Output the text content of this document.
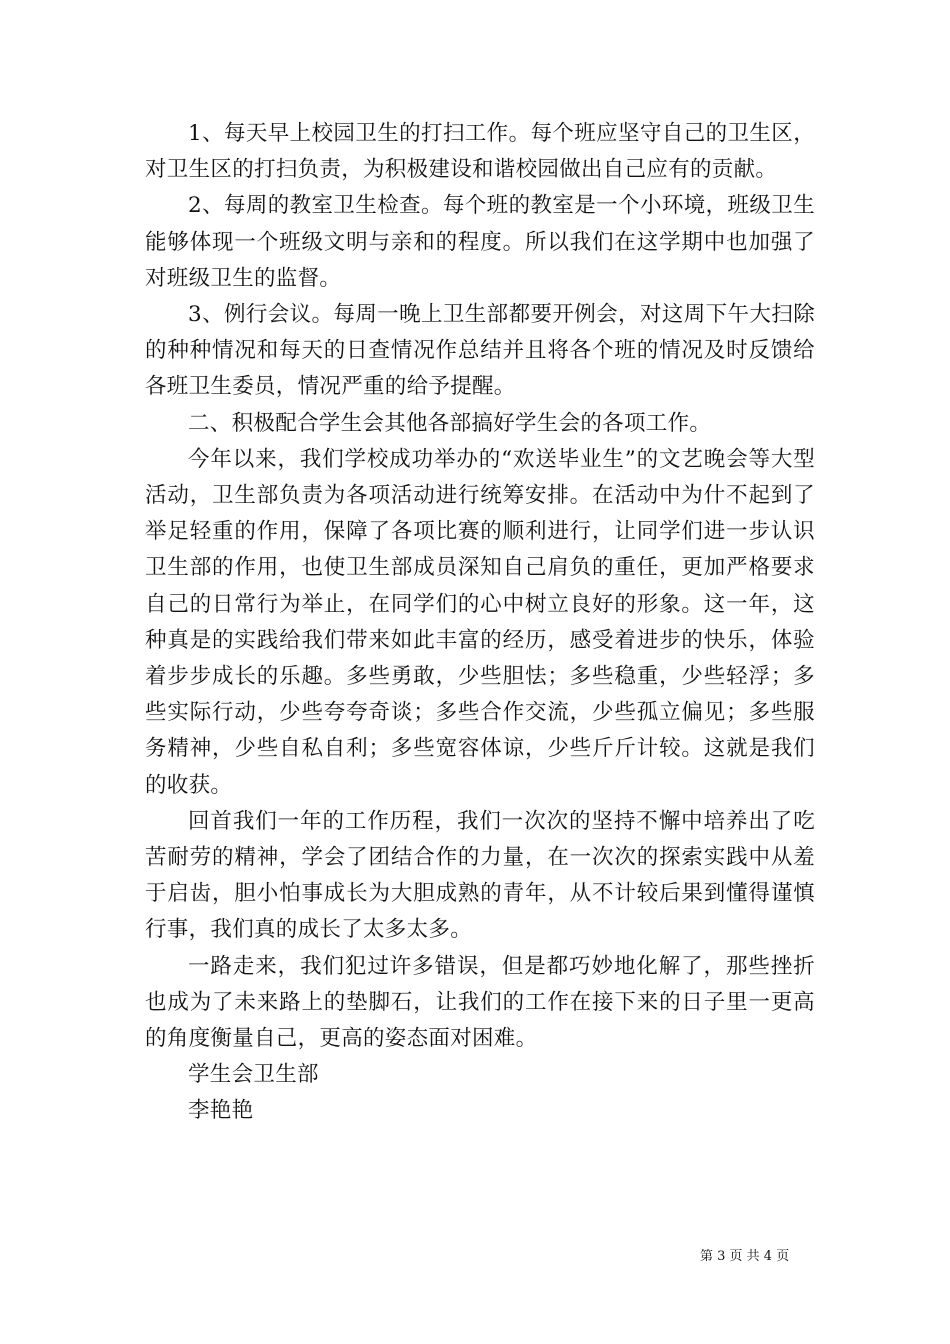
1、每天早上校园卫生的打扫工作。每个班应坚守自己的卫生区，对卫生区的打扫负责，为积极建设和谐校园做出自己应有的贡献。

2、每周的教室卫生检查。每个班的教室是一个小环境，班级卫生能够体现一个班级文明与亲和的程度。所以我们在这学期中也加强了对班级卫生的监督。

3、例行会议。每周一晚上卫生部都要开例会，对这周下午大扫除的种种情况和每天的日查情况作总结并且将各个班的情况及时反馈给各班卫生委员，情况严重的给予提醒。

二、积极配合学生会其他各部搞好学生会的各项工作。

今年以来，我们学校成功举办的“欢送毕业生”的文艺晚会等大型活动，卫生部负责为各项活动进行统筹安排。在活动中为什不起到了举足轻重的作用，保障了各项比赛的顺利进行，让同学们进一步认识卫生部的作用，也使卫生部成员深知自己肩负的重任，更加严格要求自己的日常行为举止，在同学们的心中树立良好的形象。这一年，这种真是的实践给我们带来如此丰富的经历，感受着进步的快乐，体验着步步成长的乐趣。多些勇敢，少些胆怯；多些稳重，少些轻浮；多些实际行动，少些夸夸奇谈；多些合作交流，少些孤立偏见；多些服务精神，少些自私自利；多些宽容体谅，少些斤斤计较。这就是我们的收获。

回首我们一年的工作历程，我们一次次的坚持不懈中培养出了吃苦耐劳的精神，学会了团结合作的力量，在一次次的探索实践中从羞于启齿，胆小怕事成长为大胆成熟的青年，从不计较后果到懂得谨慎行事，我们真的成长了太多太多。

一路走来，我们犯过许多错误，但是都巧妙地化解了，那些挫折也成为了未来路上的垫脚石，让我们的工作在接下来的日子里一更高的角度衡量自己，更高的姿态面对困难。

学生会卫生部

李艳艳

第 3 页 共 4 页
